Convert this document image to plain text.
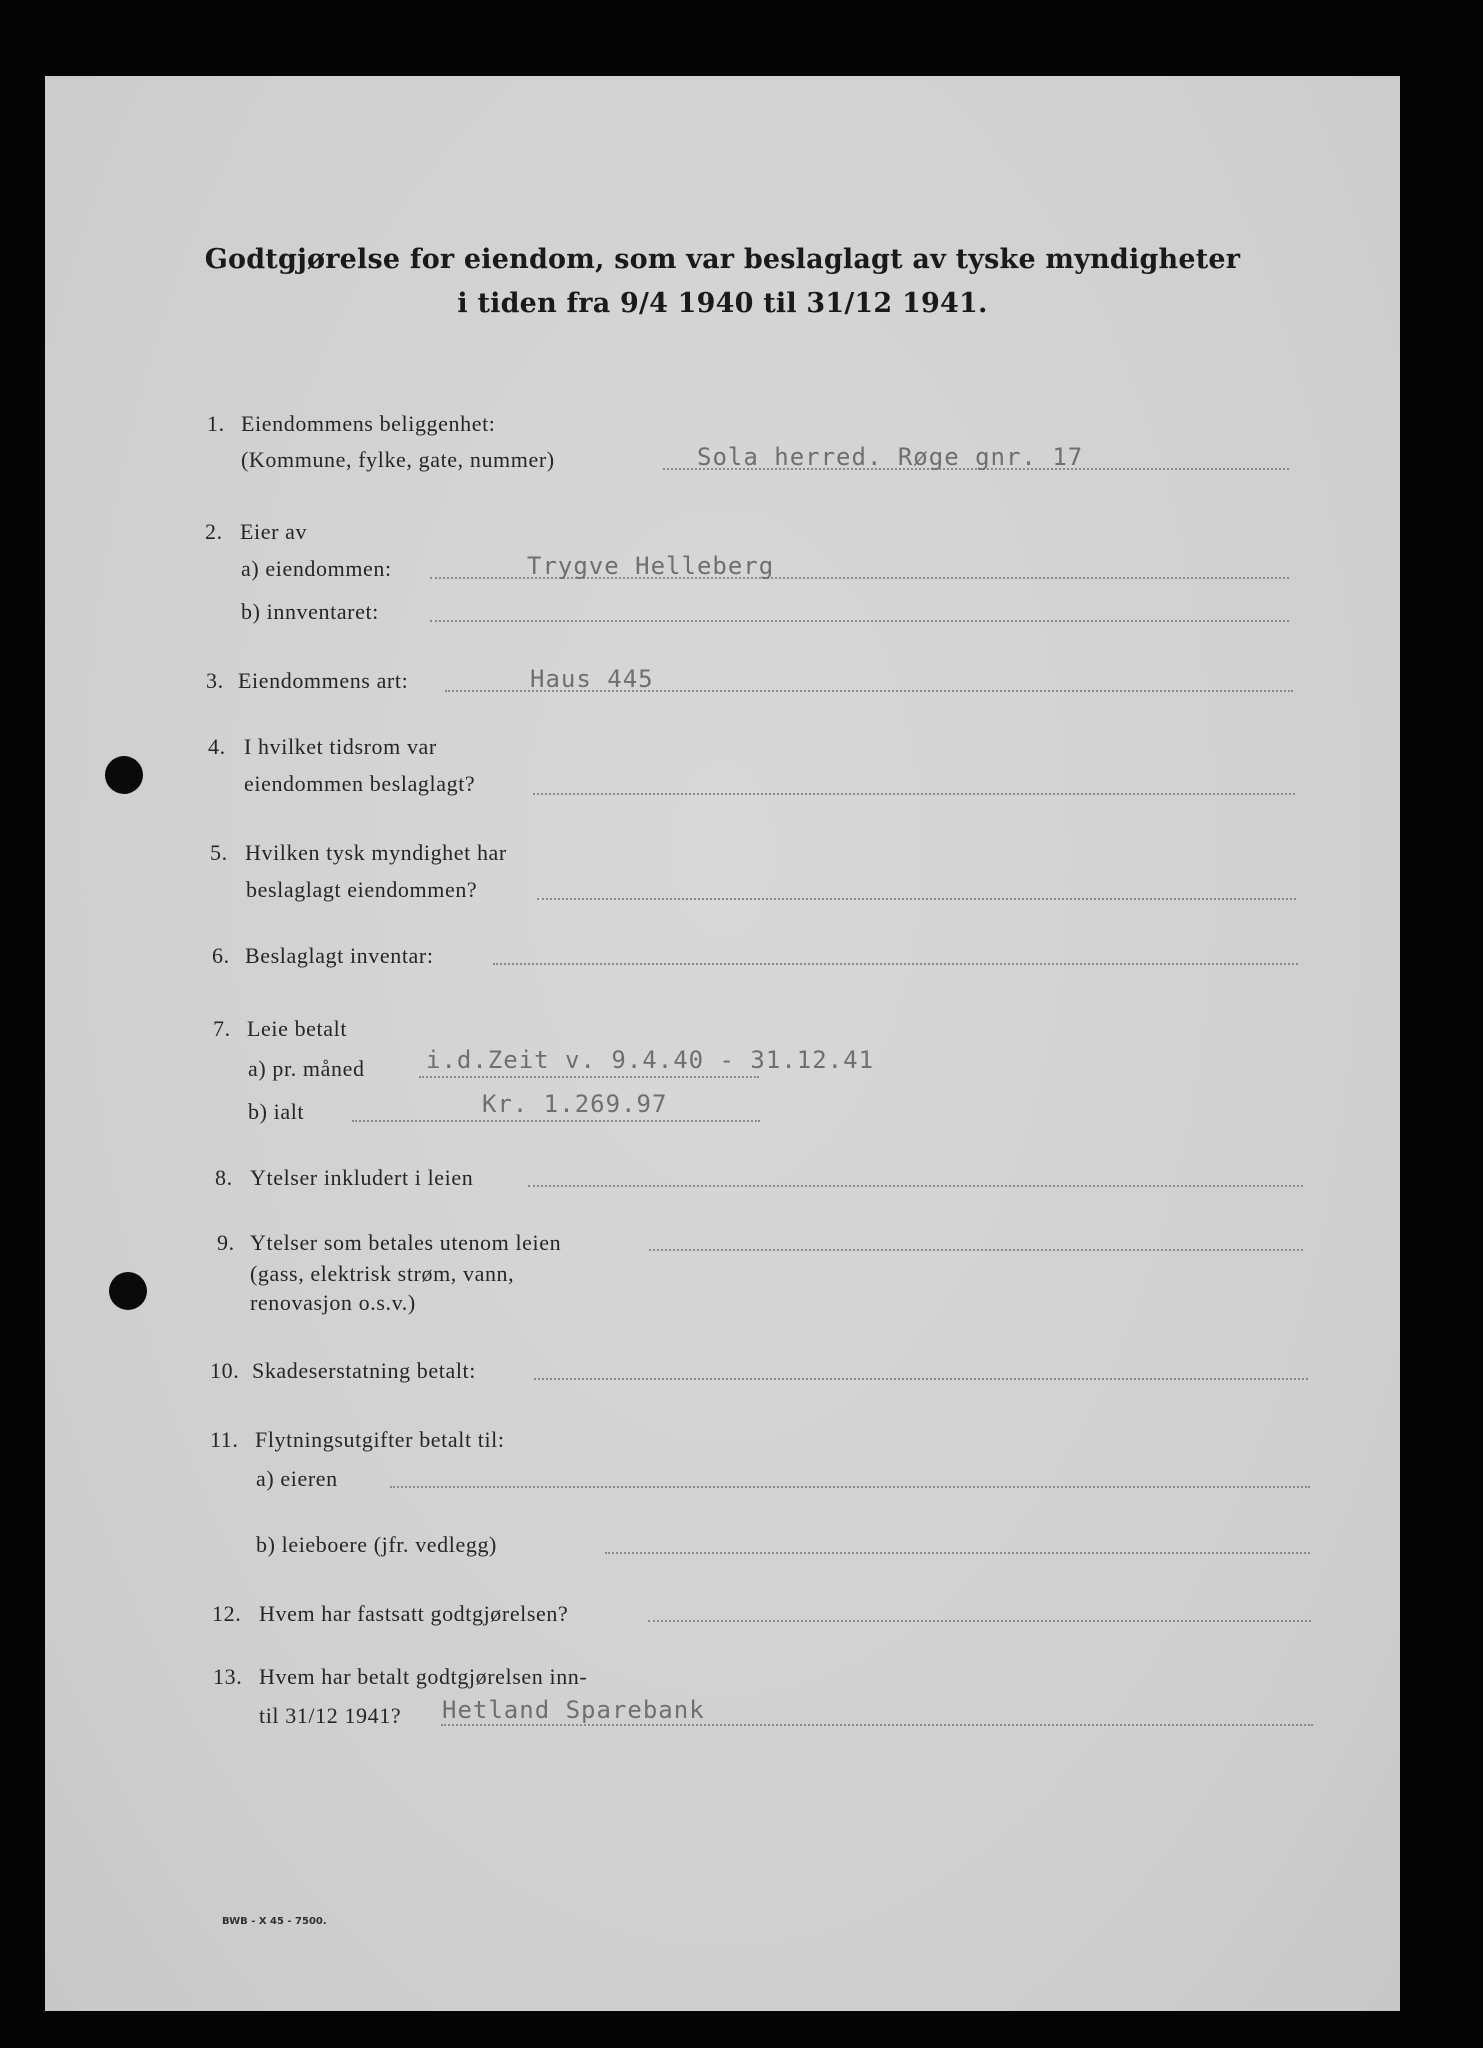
Godtgjørelse for eiendom, som var beslaglagt av tyske myndigheter
i tiden fra 9/4 1940 til 31/12 1941.
1. Eiendommens beliggenhet:
(Kommune, fylke, gate, nummer)	Sola herred. Røge gnr. 17
2. Eier av
a) eiendommen:	Trygve Helleberg
b) innventaret:
3. Eiendommens art:	Haus 445
4. I hvilket tidsrom var
eiendommen beslaglagt?
5. Hvilken tysk myndighet har
beslaglagt eiendommen?
6. Beslaglagt inventar:
7. Leie betalt
a) pr. måned	i.d.Zeit v. 9.4.40 - 31.12.41
b) ialt	Kr. 1.269.97
8. Ytelser inkludert i leien
9. Ytelser som betales utenom leien
(gass, elektrisk strøm, vann,
renovasjon o.s.v.)
10. Skadeserstatning betalt:
11. Flytningsutgifter betalt til:
a) eieren
b) leieboere (jfr. vedlegg)
12. Hvem har fastsatt godtgjørelsen?
13. Hvem har betalt godtgjørelsen inn-
til 31/12 1941? Hetland Sparebank
BWB - X 45 - 7500.
